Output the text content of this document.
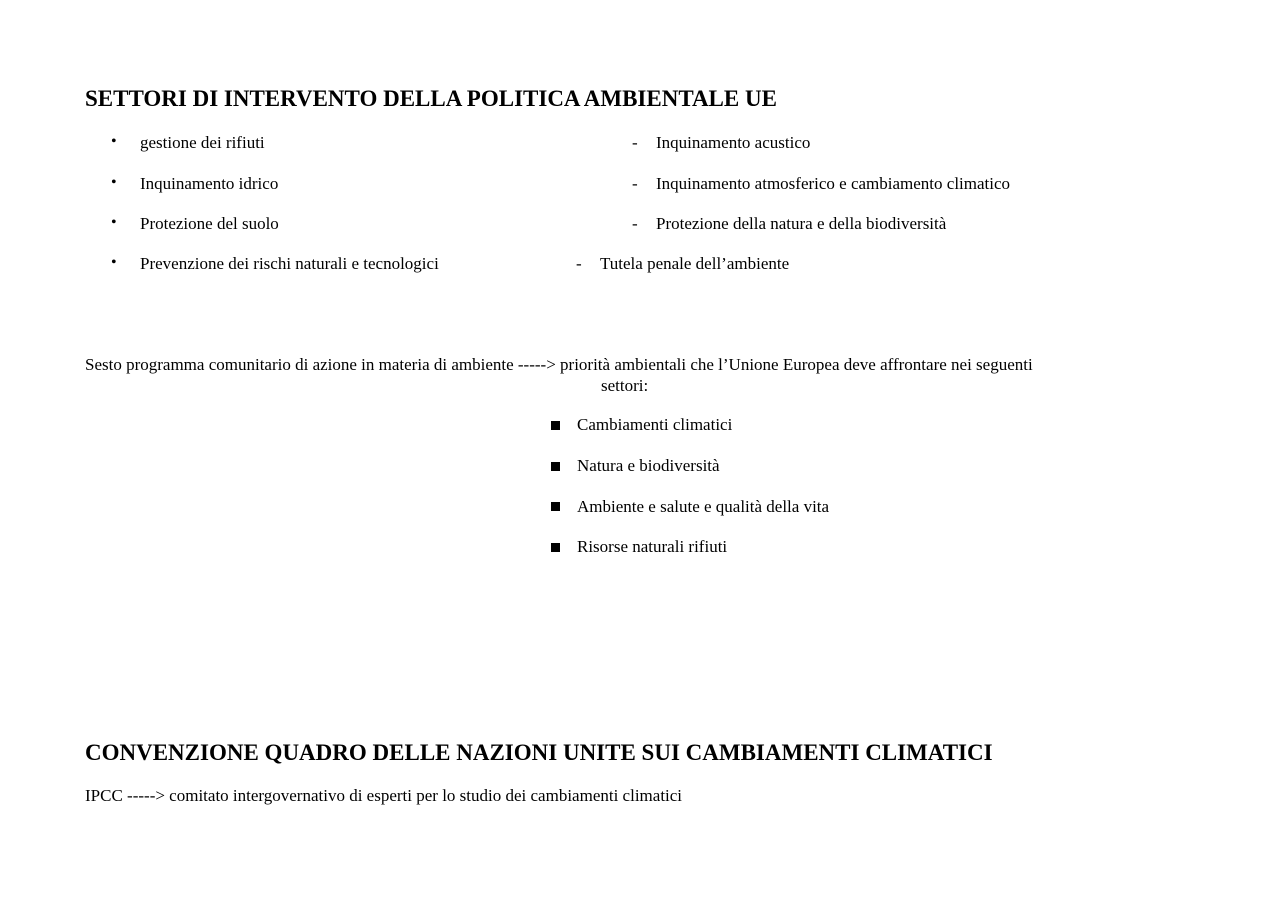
SETTORI DI INTERVENTO DELLA POLITICA AMBIENTALE UE
• gestione dei rifiuti
• Inquinamento idrico
• Protezione del suolo
• Prevenzione dei rischi naturali e tecnologici
- Inquinamento acustico
- Inquinamento atmosferico e cambiamento climatico
- Protezione della natura e della biodiversità
- Tutela penale dell’ambiente
Sesto programma comunitario di azione in materia di ambiente -----> priorità ambientali che l’Unione Europea deve affrontare nei seguenti
settori:
Cambiamenti climatici
Natura e biodiversità
Ambiente e salute e qualità della vita
Risorse naturali rifiuti
CONVENZIONE QUADRO DELLE NAZIONI UNITE SUI CAMBIAMENTI CLIMATICI
IPCC -----> comitato intergovernativo di esperti per lo studio dei cambiamenti climatici
